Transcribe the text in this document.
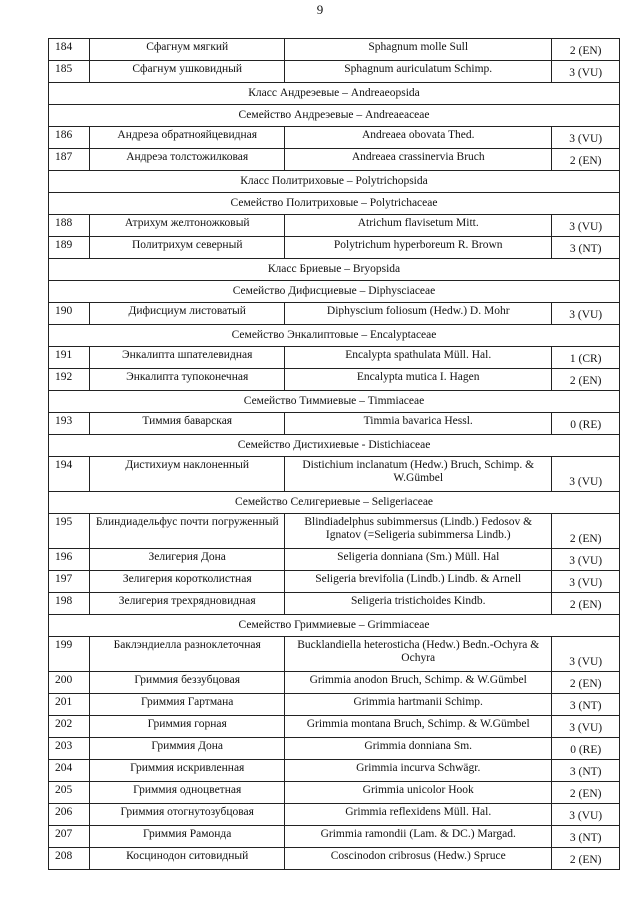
9
184	Сфагнум мягкий	Sphagnum molle Sull	2 (EN)
185	Сфагнум ушковидный	Sphagnum auriculatum Schimp.	3 (VU)
Класс Андреэевые – Andreaeopsida			
Семейство Андреэевые – Andreaeaceae			
186	Андреэа обратнояйцевидная	Andreaea obovata Thed.	3 (VU)
187	Андреэа толстожилковая	Andreaea crassinervia Bruch	2 (EN)
Класс Политриховые – Polytrichopsida			
Семейство Политриховые – Polytrichaceae			
188	Атрихум желтоножковый	Atrichum flavisetum Mitt.	3 (VU)
189	Политрихум северный	Polytrichum hyperboreum R. Brown	3 (NT)
Класс Бриевые – Bryopsida			
Семейство Дифисциевые – Diphysciaceae			
190	Дифисциум листоватый	Diphyscium foliosum (Hedw.) D. Mohr	3 (VU)
Семейство Энкалиптовые – Encalyptaceae			
191	Энкалипта шпателевидная	Encalypta spathulata Müll. Hal.	1 (CR)
192	Энкалипта тупоконечная	Encalypta mutica I. Hagen	2 (EN)
Семейство Тиммиевые – Timmiaceae			
193	Тиммия баварская	Timmia bavarica Hessl.	0 (RE)
Семейство Дистихиевые - Distichiaceae			
194	Дистихиум наклоненный	Distichium inclanatum (Hedw.) Bruch, Schimp. & W.Gümbel	3 (VU)
Семейство Селигериевые – Seligeriaceae			
195	Блиндиадельфус почти погруженный	Blindiadelphus subimmersus (Lindb.) Fedosov & Ignatov (=Seligeria subimmersa Lindb.)	2 (EN)
196	Зелигерия Дона	Seligeria donniana (Sm.) Müll. Hal	3 (VU)
197	Зелигерия коротколистная	Seligeria brevifolia (Lindb.) Lindb. & Arnell	3 (VU)
198	Зелигерия трехрядновидная	Seligeria tristichoides Kindb.	2 (EN)
Семейство Гриммиевые – Grimmiaceae			
199	Баклэндиелла разноклеточная	Bucklandiella heterosticha (Hedw.) Bedn.-Ochyra & Ochyra	3 (VU)
200	Гриммия беззубцовая	Grimmia anodon Bruch, Schimp. & W.Gümbel	2 (EN)
201	Гриммия Гартмана	Grimmia hartmanii Schimp.	3 (NT)
202	Гриммия горная	Grimmia montana Bruch, Schimp. & W.Gümbel	3 (VU)
203	Гриммия Дона	Grimmia donniana Sm.	0 (RE)
204	Гриммия искривленная	Grimmia incurva Schwägr.	3 (NT)
205	Гриммия одноцветная	Grimmia unicolor Hook	2 (EN)
206	Гриммия отогнутозубцовая	Grimmia reflexidens Müll. Hal.	3 (VU)
207	Гриммия Рамонда	Grimmia ramondii (Lam. & DC.) Margad.	3 (NT)
208	Косцинодон ситовидный	Coscinodon cribrosus (Hedw.) Spruce	2 (EN)
